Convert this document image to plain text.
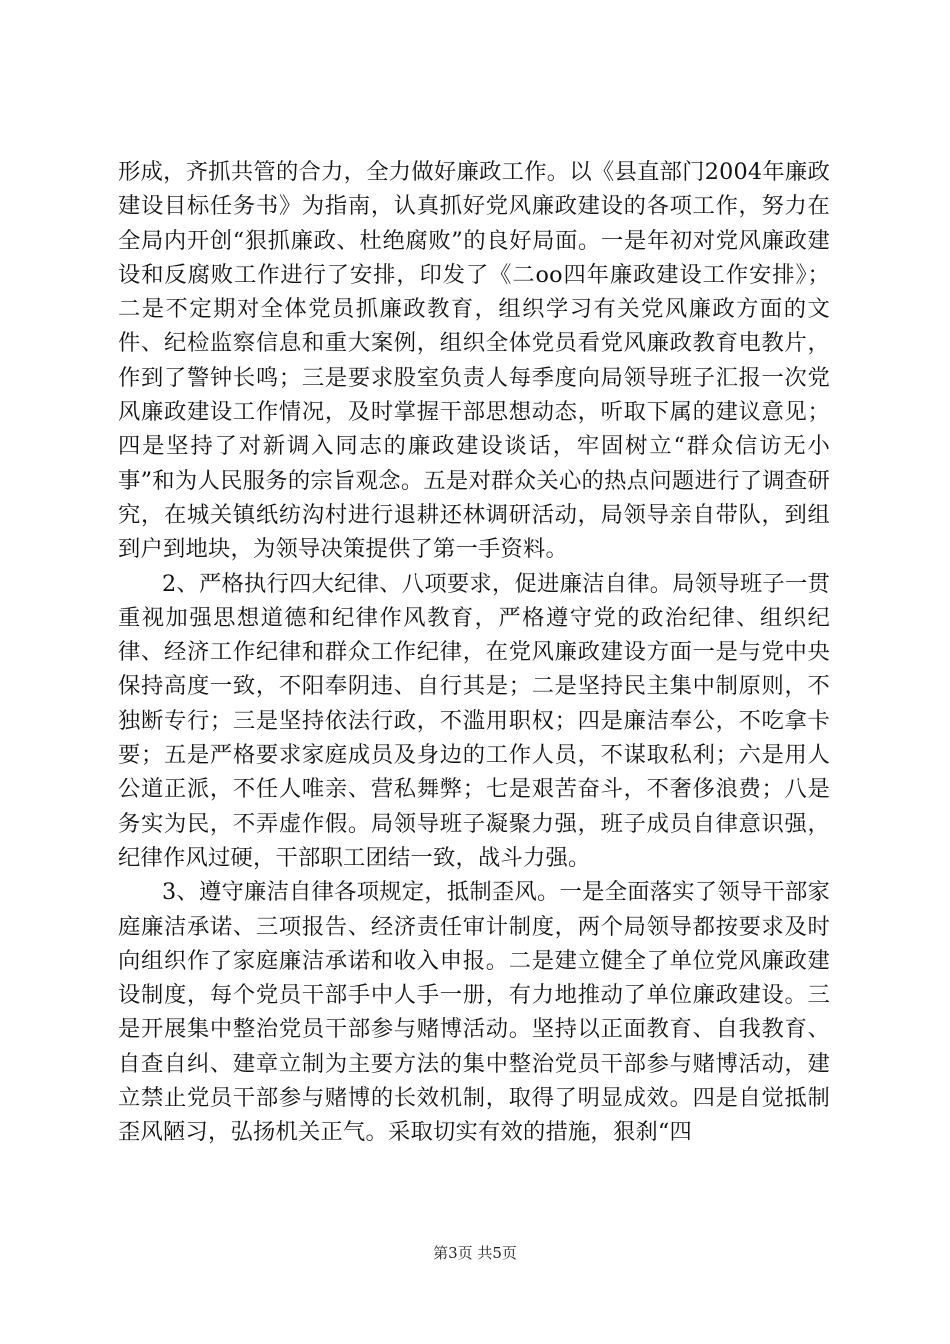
形成，齐抓共管的合力，全力做好廉政工作。以《县直部门2004年廉政建设目标任务书》为指南，认真抓好党风廉政建设的各项工作，努力在全局内开创“狠抓廉政、杜绝腐败”的良好局面。一是年初对党风廉政建设和反腐败工作进行了安排，印发了《二oo四年廉政建设工作安排》；二是不定期对全体党员抓廉政教育，组织学习有关党风廉政方面的文件、纪检监察信息和重大案例，组织全体党员看党风廉政教育电教片，作到了警钟长鸣；三是要求股室负责人每季度向局领导班子汇报一次党风廉政建设工作情况，及时掌握干部思想动态，听取下属的建议意见；四是坚持了对新调入同志的廉政建设谈话，牢固树立“群众信访无小事”和为人民服务的宗旨观念。五是对群众关心的热点问题进行了调查研究，在城关镇纸纺沟村进行退耕还林调研活动，局领导亲自带队，到组到户到地块，为领导决策提供了第一手资料。

2、严格执行四大纪律、八项要求，促进廉洁自律。局领导班子一贯重视加强思想道德和纪律作风教育，严格遵守党的政治纪律、组织纪律、经济工作纪律和群众工作纪律，在党风廉政建设方面一是与党中央保持高度一致，不阳奉阴违、自行其是；二是坚持民主集中制原则，不独断专行；三是坚持依法行政，不滥用职权；四是廉洁奉公，不吃拿卡要；五是严格要求家庭成员及身边的工作人员，不谋取私利；六是用人公道正派，不任人唯亲、营私舞弊；七是艰苦奋斗，不奢侈浪费；八是务实为民，不弄虚作假。局领导班子凝聚力强，班子成员自律意识强，纪律作风过硬，干部职工团结一致，战斗力强。

3、遵守廉洁自律各项规定，抵制歪风。一是全面落实了领导干部家庭廉洁承诺、三项报告、经济责任审计制度，两个局领导都按要求及时向组织作了家庭廉洁承诺和收入申报。二是建立健全了单位党风廉政建设制度，每个党员干部手中人手一册，有力地推动了单位廉政建设。三是开展集中整治党员干部参与赌博活动。坚持以正面教育、自我教育、自查自纠、建章立制为主要方法的集中整治党员干部参与赌博活动，建立禁止党员干部参与赌博的长效机制，取得了明显成效。四是自觉抵制歪风陋习，弘扬机关正气。采取切实有效的措施，狠刹“四

第3页 共5页
